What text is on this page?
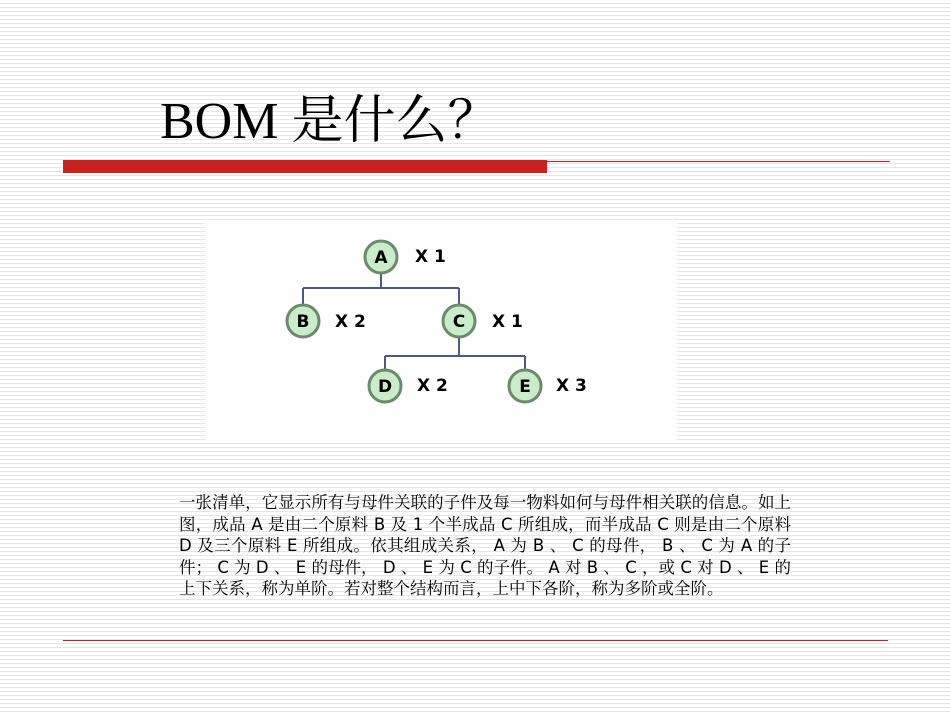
BOM 是什么？
A X 1
B X 2	C X 1
D X 2	E X 3

一张清单，它显示所有与母件关联的子件及每一物料如何与母件相关联的信息。如上图，成品 A 是由二个原料 B 及 1 个半成品 C 所组成，而半成品 C 则是由二个原料 D 及三个原料 E 所组成。依其组成关系， A 为 B 、 C 的母件， B 、 C 为 A 的子件； C 为 D 、 E 的母件， D 、 E 为 C 的子件。 A 对 B 、 C ，或 C 对 D 、 E 的上下关系，称为单阶。若对整个结构而言，上中下各阶，称为多阶或全阶。
